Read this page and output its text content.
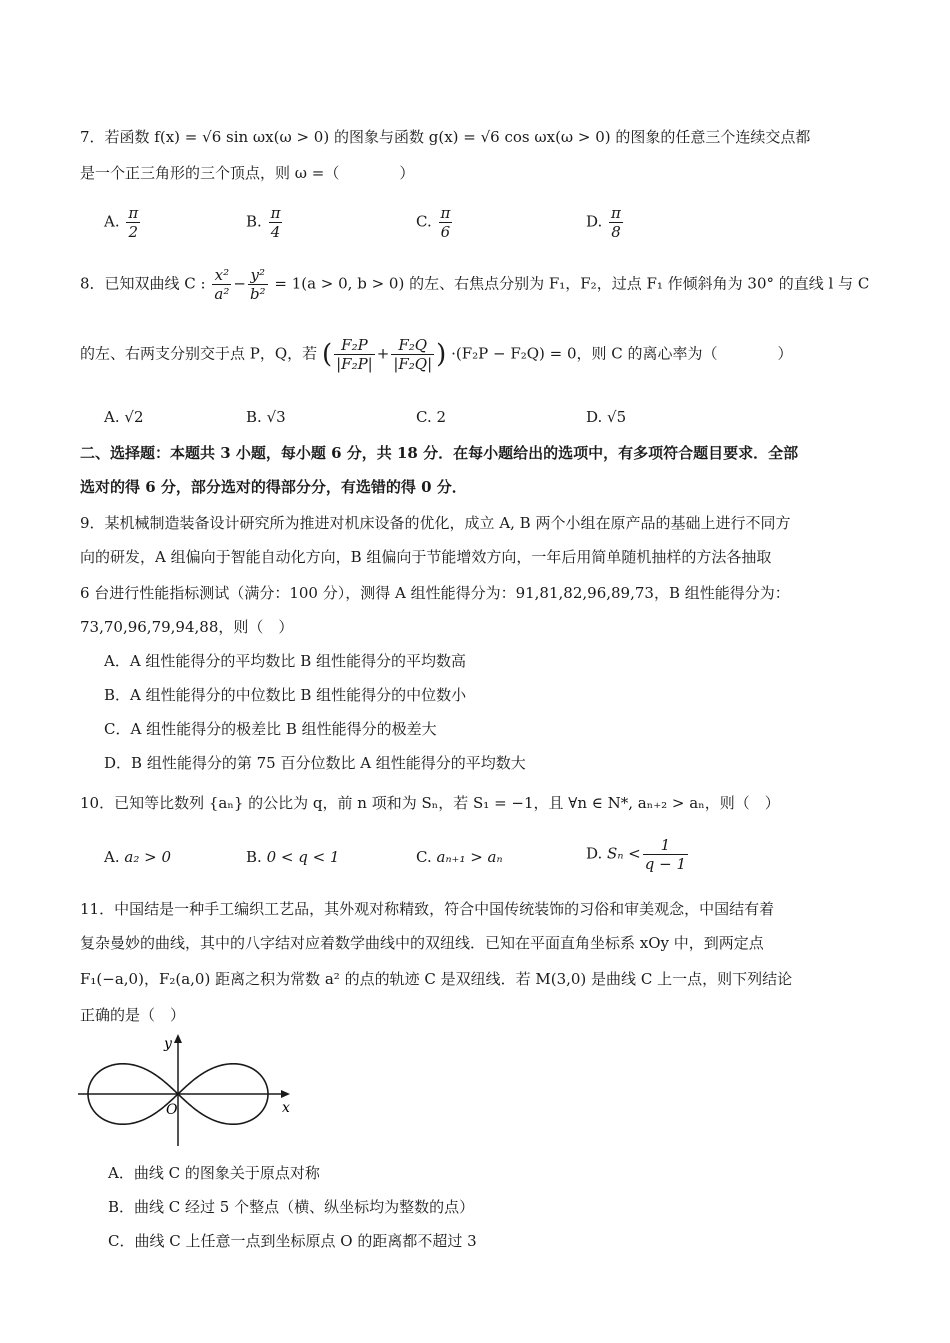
7．若函数 f(x) = √6 sin ωx(ω > 0) 的图象与函数 g(x) = √6 cos ωx(ω > 0) 的图象的任意三个连续交点都
是一个正三角形的三个顶点，则 ω =（　　　　）
A. $\frac{\pi}{2}$	B. $\frac{\pi}{4}$	C. $\frac{\pi}{6}$	D. $\frac{\pi}{8}$
8．已知双曲线 C : $\frac{\text{x²}}{\text{a²}} - \frac{\text{y²}}{\text{b²}} = 1(a > 0$, b > 0) 的左、右焦点分别为 F₁，F₂，过点 F₁ 作倾斜角为 30° 的直线 l 与 C
的左、右两支分别交于点 P，Q，若 ( $\frac{\text{F₂P}}{\text{|F₂P|}} + \frac{\text{F₂Q}}{\text{|F₂Q|}}$ ) ·(F₂P − F₂Q) = 0，则 C 的离心率为（　　　　）
A. √2	B. √3	C. 2	D. √5
二、选择题：本题共 3 小题，每小题 6 分，共 18 分．在每小题给出的选项中，有多项符合题目要求．全部
选对的得 6 分，部分选对的得部分分，有选错的得 0 分．
9．某机械制造装备设计研究所为推进对机床设备的优化，成立 A, B 两个小组在原产品的基础上进行不同方
向的研发，A 组偏向于智能自动化方向，B 组偏向于节能增效方向，一年后用简单随机抽样的方法各抽取
6 台进行性能指标测试（满分：100 分），测得 A 组性能得分为：91,81,82,96,89,73，B 组性能得分为：
73,70,96,79,94,88，则（　）
A．A 组性能得分的平均数比 B 组性能得分的平均数高
B．A 组性能得分的中位数比 B 组性能得分的中位数小
C．A 组性能得分的极差比 B 组性能得分的极差大
D．B 组性能得分的第 75 百分位数比 A 组性能得分的平均数大
10．已知等比数列 {aₙ} 的公比为 q，前 n 项和为 Sₙ，若 S₁ = −1，且 ∀n ∈ N*, aₙ₊₂ > aₙ，则（　）
A. a₂ > 0	B. 0 < q < 1	C. aₙ₊₁ > aₙ	D. $S_n < \frac{1}{q - 1}$
11．中国结是一种手工编织工艺品，其外观对称精致，符合中国传统装饰的习俗和审美观念，中国结有着
复杂曼妙的曲线，其中的八字结对应着数学曲线中的双纽线．已知在平面直角坐标系 xOy 中，到两定点
F₁(−a,0)，F₂(a,0) 距离之积为常数 a² 的点的轨迹 C 是双纽线．若 M(3,0) 是曲线 C 上一点，则下列结论
正确的是（　）
x
y
O
A．曲线 C 的图象关于原点对称
B．曲线 C 经过 5 个整点（横、纵坐标均为整数的点）
C．曲线 C 上任意一点到坐标原点 O 的距离都不超过 3
